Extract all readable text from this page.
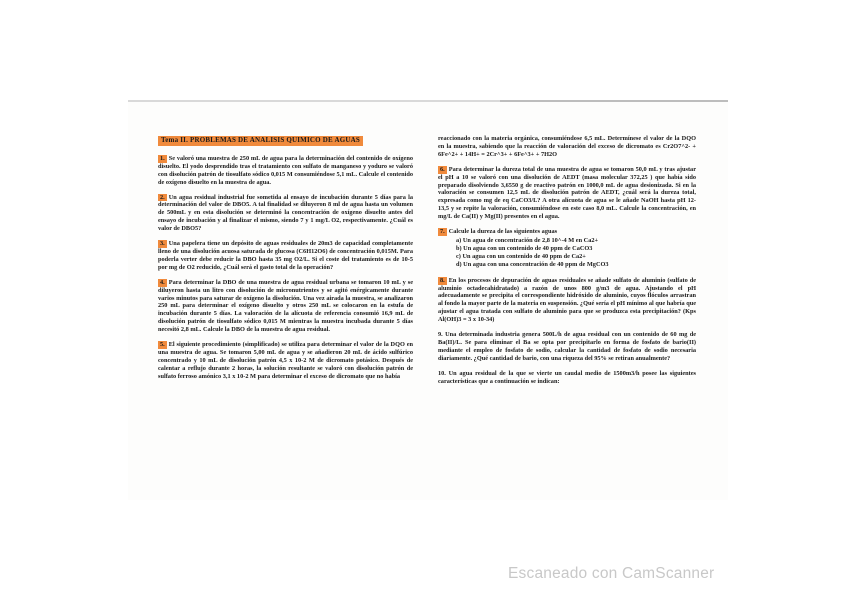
Tema II. PROBLEMAS DE ANALISIS QUIMICO DE AGUAS

1. Se valoró una muestra de 250 mL de agua para la determinación del contenido de oxígeno disuelto. El yodo desprendido tras el tratamiento con sulfato de manganeso y yoduro se valoró con disolución patrón de tiosulfato sódico 0,015 M consumiéndose 5,1 mL. Calcule el contenido de oxígeno disuelto en la muestra de agua.

2. Un agua residual industrial fue sometida al ensayo de incubación durante 5 días para la determinación del valor de DBO5. A tal finalidad se diluyeron 8 ml de agua hasta un volumen de 500mL y en esta disolución se determinó la concentración de oxígeno disuelto antes del ensayo de incubación y al finalizar el mismo, siendo 7 y 1 mg/L O2, respectivamente. ¿Cuál es valor de DBO5?

3. Una papelera tiene un depósito de aguas residuales de 20m3 de capacidad completamente lleno de una disolución acuosa saturada de glucosa (C6H12O6) de concentración 0,015M. Para poderla verter debe reducir la DBO hasta 35 mg O2/L. Si el coste del tratamiento es de 10-5 por mg de O2 reducido, ¿Cuál será el gasto total de la operación?

4. Para determinar la DBO de una muestra de agua residual urbana se tomaron 10 mL y se diluyeron hasta un litro con disolución de micronutrientes y se agitó enérgicamente durante varios minutos para saturar de oxígeno la disolución. Una vez airada la muestra, se analizaron 250 mL para determinar el oxígeno disuelto y otros 250 mL se colocaron en la estufa de incubación durante 5 días. La valoración de la alícuota de referencia consumió 16,9 mL de disolución patrón de tiosulfato sódico 0,015 M mientras la muestra incubada durante 5 días necesitó 2,8 mL. Calcule la DBO de la muestra de agua residual.

5. El siguiente procedimiento (simplificado) se utiliza para determinar el valor de la DQO en una muestra de agua. Se tomaron 5,00 mL de agua y se añadieron 20 mL de ácido sulfúrico concentrado y 10 mL de disolución patrón 4,5 x 10-2 M de dicromato potásico. Después de calentar a reflujo durante 2 horas, la solución resultante se valoró con disolución patrón de sulfato ferroso amónico 3,1 x 10-2 M para determinar el exceso de dicromato que no había

reaccionado con la materia orgánica, consumiéndose 6,5 mL. Determínese el valor de la DQO en la muestra, sabiendo que la reacción de valoración del exceso de dicromato es Cr2O7^2- + 6Fe^2+ + 14H+ = 2Cr^3+ + 6Fe^3+ + 7H2O

6. Para determinar la dureza total de una muestra de agua se tomaron 50,0 mL y tras ajustar el pH a 10 se valoró con una disolución de AEDT (masa molecular 372,25 ) que había sido preparado disolviendo 3,6550 g de reactivo patrón en 1000,0 mL de agua desionizada. Si en la valoración se consumen 12,5 mL de disolución patrón de AEDT, ¿cuál será la dureza total, expresada como mg de eq CaCO3/L? A otra alícuota de agua se le añade NaOH hasta pH 12-13,5 y se repite la valoración, consumiéndose en este caso 8,0 mL. Calcule la concentración, en mg/L de Ca(II) y Mg(II) presentes en el agua.

7. Calcule la dureza de las siguientes aguas

a) Un agua de concentración de 2,8 10^-4 M en Ca2+

b) Un agua con un contenido de 40 ppm de CaCO3

c) Un agua con un contenido de 40 ppm de Ca2+

d) Un agua con una concentración de 40 ppm de MgCO3

8. En los procesos de depuración de aguas residuales se añade sulfato de aluminio (sulfato de aluminio octadecahidratado) a razón de unos 800 g/m3 de agua. Ajustando el pH adecuadamente se precipita el correspondiente hidróxido de aluminio, cuyos flóculos arrastran al fondo la mayor parte de la materia en suspensión. ¿Qué sería el pH mínimo al que habría que ajustar el agua tratada con sulfato de aluminio para que se produzca esta precipitación? (Kps Al(OH)3 = 3 x 10-34)

9. Una determinada industria genera 500L/h de agua residual con un contenido de 60 mg de Ba(II)/L. Se para eliminar el Ba se opta por precipitarlo en forma de fosfato de bario(II) mediante el empleo de fosfato de sodio, calcular la cantidad de fosfato de sodio necesaria diariamente. ¿Qué cantidad de bario, con una riqueza del 95% se retiran anualmente?

10. Un agua residual de la que se vierte un caudal medio de 1500m3/h posee las siguientes características que a continuación se indican:

Escaneado con CamScanner
